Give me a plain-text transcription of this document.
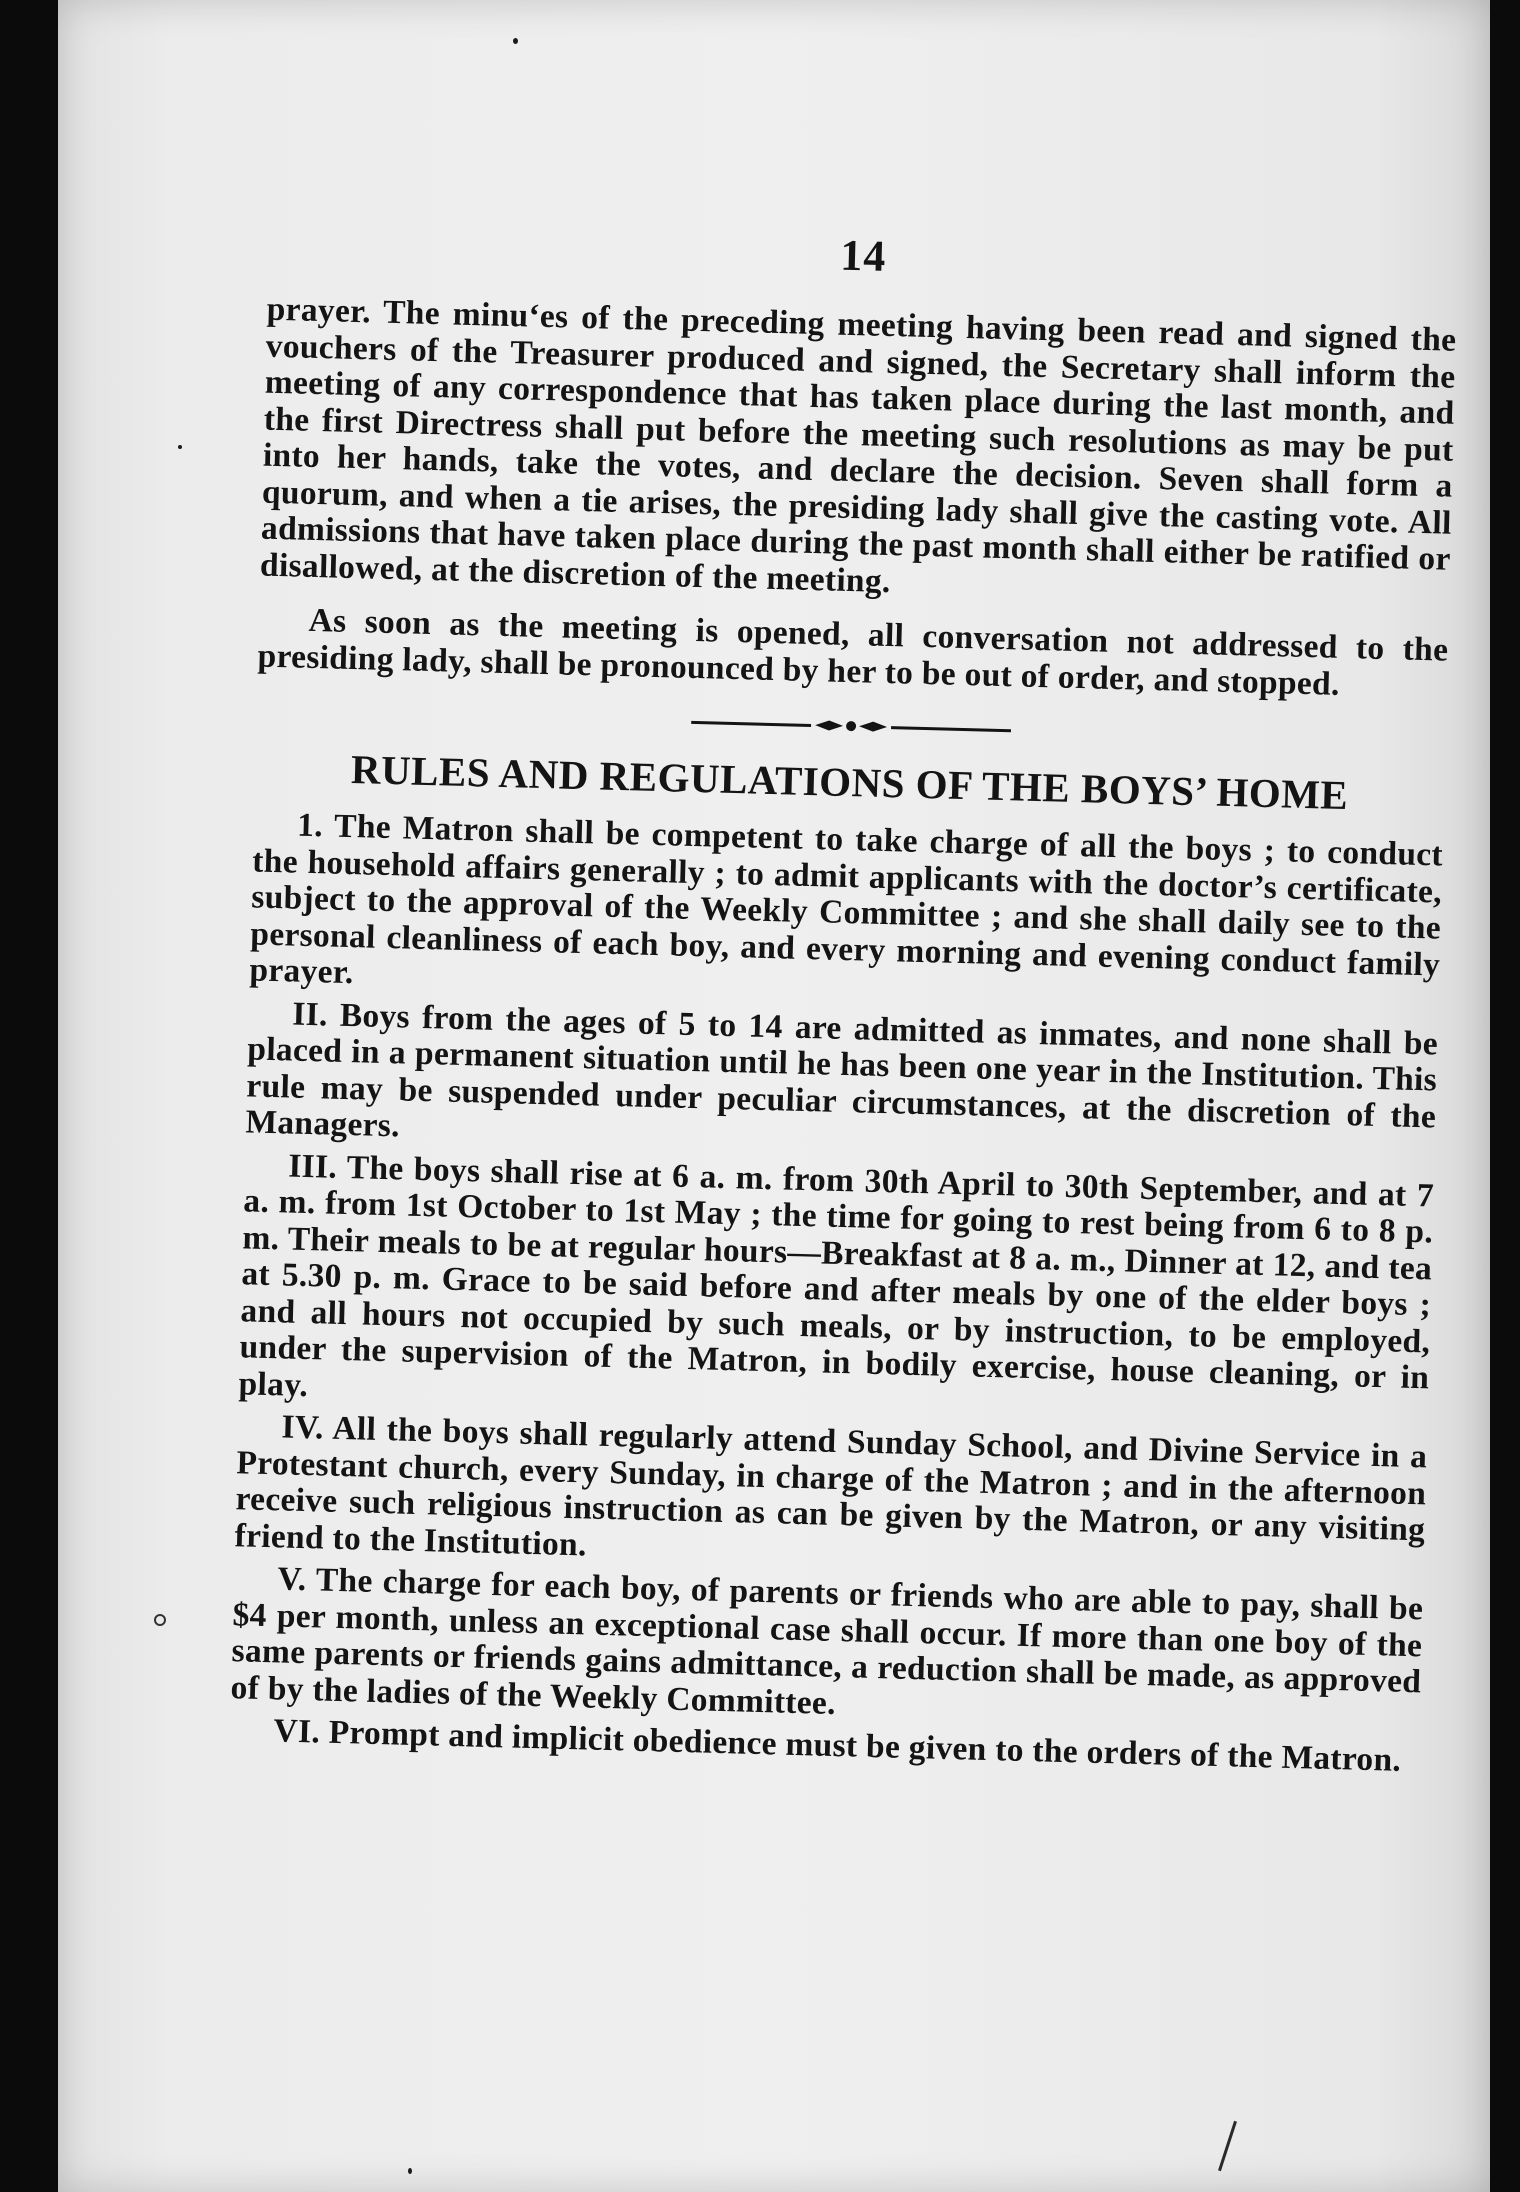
14

prayer. The minu‘es of the preceding meeting having been read and signed the vouchers of the Treasurer produced and signed, the Secretary shall inform the meeting of any correspondence that has taken place during the last month, and the first Directress shall put before the meeting such resolutions as may be put into her hands, take the votes, and declare the decision. Seven shall form a quorum, and when a tie arises, the presiding lady shall give the casting vote. All admissions that have taken place during the past month shall either be ratified or disallowed, at the discretion of the meeting.

As soon as the meeting is opened, all conversation not addressed to the presiding lady, shall be pronounced by her to be out of order, and stopped.

RULES AND REGULATIONS OF THE BOYS’ HOME

1. The Matron shall be competent to take charge of all the boys ; to conduct the household affairs generally ; to admit applicants with the doctor’s certificate, subject to the approval of the Weekly Committee ; and she shall daily see to the personal cleanliness of each boy, and every morning and evening conduct family prayer.

II. Boys from the ages of 5 to 14 are admitted as inmates, and none shall be placed in a permanent situation until he has been one year in the Institution. This rule may be suspended under peculiar circumstances, at the discretion of the Managers.

III. The boys shall rise at 6 a. m. from 30th April to 30th September, and at 7 a. m. from 1st October to 1st May ; the time for going to rest being from 6 to 8 p. m. Their meals to be at regular hours—Breakfast at 8 a. m., Dinner at 12, and tea at 5.30 p. m. Grace to be said before and after meals by one of the elder boys ; and all hours not occupied by such meals, or by instruction, to be employed, under the supervision of the Matron, in bodily exercise, house cleaning, or in play.

IV. All the boys shall regularly attend Sunday School, and Divine Service in a Protestant church, every Sunday, in charge of the Matron ; and in the afternoon receive such religious instruction as can be given by the Matron, or any visiting friend to the Institution.

V. The charge for each boy, of parents or friends who are able to pay, shall be $4 per month, unless an exceptional case shall occur. If more than one boy of the same parents or friends gains admittance, a reduction shall be made, as approved of by the ladies of the Weekly Committee.

VI. Prompt and implicit obedience must be given to the orders of the Matron.
